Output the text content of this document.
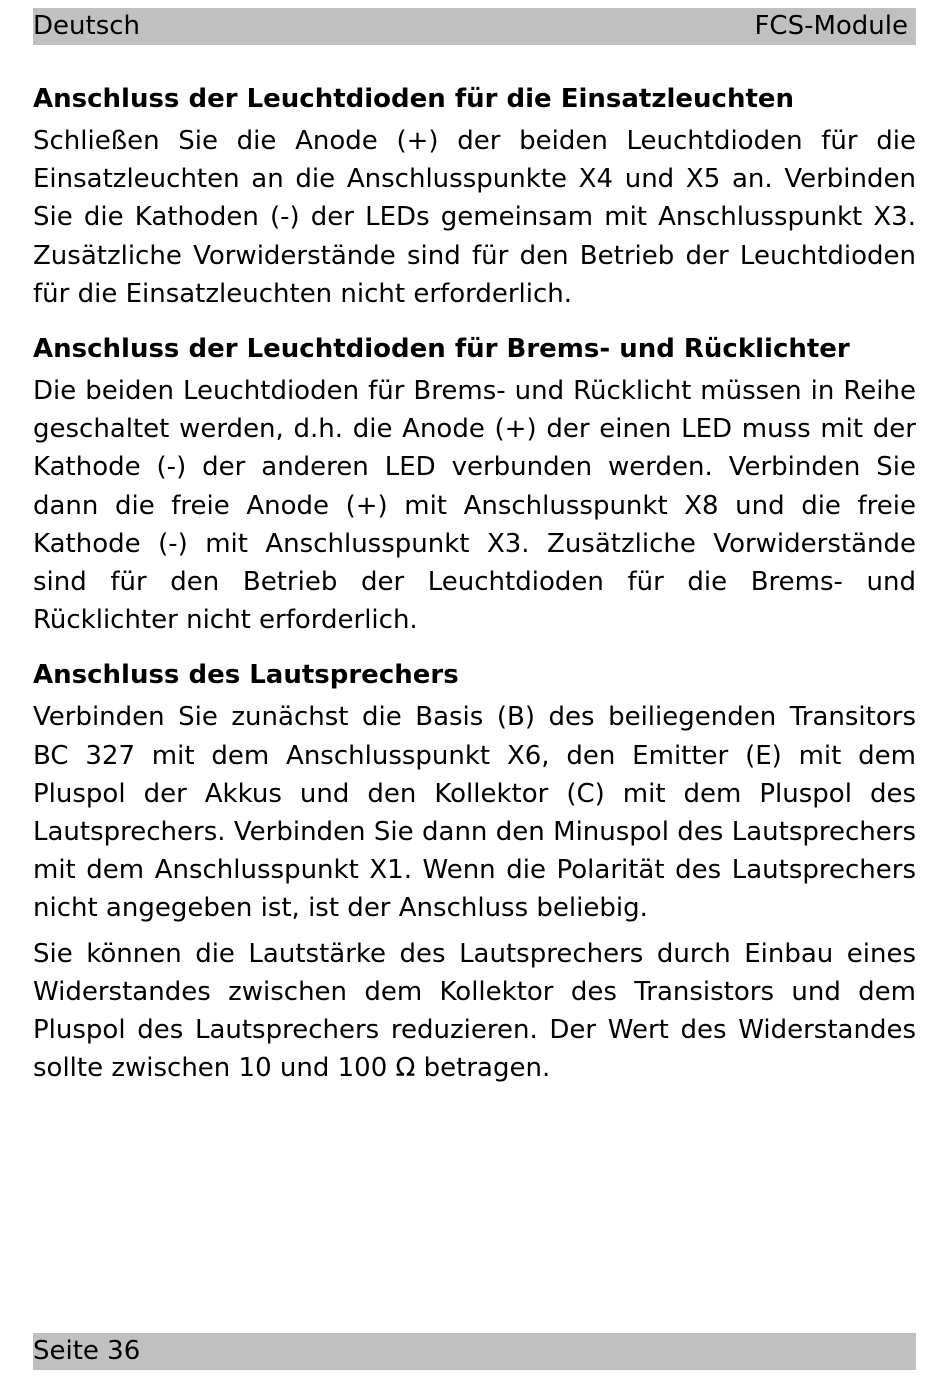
Deutsch	FCS-Module

Anschluss der Leuchtdioden für die Einsatzleuchten

Schließen Sie die Anode (+) der beiden Leuchtdioden für die Einsatzleuchten an die Anschlusspunkte X4 und X5 an. Verbinden Sie die Kathoden (-) der LEDs gemeinsam mit Anschlusspunkt X3. Zusätzliche Vorwiderstände sind für den Betrieb der Leuchtdioden für die Einsatzleuchten nicht erforderlich.

Anschluss der Leuchtdioden für Brems- und Rücklichter

Die beiden Leuchtdioden für Brems- und Rücklicht müssen in Reihe geschaltet werden, d.h. die Anode (+) der einen LED muss mit der Kathode (-) der anderen LED verbunden werden. Verbinden Sie dann die freie Anode (+) mit Anschlusspunkt X8 und die freie Kathode (-) mit Anschlusspunkt X3. Zusätzliche Vorwiderstände sind für den Betrieb der Leuchtdioden für die Brems- und Rücklichter nicht erforderlich.

Anschluss des Lautsprechers

Verbinden Sie zunächst die Basis (B) des beiliegenden Transitors BC 327 mit dem Anschlusspunkt X6, den Emitter (E) mit dem Pluspol der Akkus und den Kollektor (C) mit dem Pluspol des Lautsprechers. Verbinden Sie dann den Minuspol des Lautsprechers mit dem Anschlusspunkt X1. Wenn die Polarität des Lautsprechers nicht angegeben ist, ist der Anschluss beliebig.

Sie können die Lautstärke des Lautsprechers durch Einbau eines Widerstandes zwischen dem Kollektor des Transistors und dem Pluspol des Lautsprechers reduzieren. Der Wert des Widerstandes sollte zwischen 10 und 100 Ω betragen.

Seite 36
